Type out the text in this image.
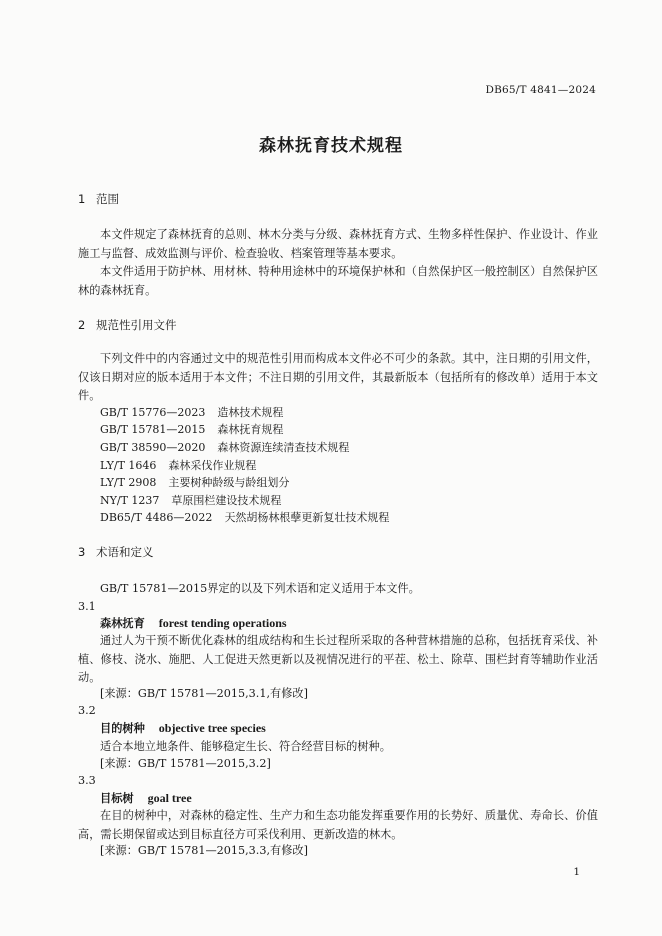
DB65/T 4841—2024
森林抚育技术规程
1 范围
本文件规定了森林抚育的总则、林木分类与分级、森林抚育方式、生物多样性保护、作业设计、作业施工与监督、成效监测与评价、检查验收、档案管理等基本要求。
本文件适用于防护林、用材林、特种用途林中的环境保护林和（自然保护区一般控制区）自然保护区林的森林抚育。
2 规范性引用文件
下列文件中的内容通过文中的规范性引用而构成本文件必不可少的条款。其中，注日期的引用文件，仅该日期对应的版本适用于本文件；不注日期的引用文件，其最新版本（包括所有的修改单）适用于本文件。
GB/T 15776—2023 造林技术规程
GB/T 15781—2015 森林抚育规程
GB/T 38590—2020 森林资源连续清查技术规程
LY/T 1646 森林采伐作业规程
LY/T 2908 主要树种龄级与龄组划分
NY/T 1237 草原围栏建设技术规程
DB65/T 4486—2022 天然胡杨林根孽更新复壮技术规程
3 术语和定义
GB/T 15781—2015界定的以及下列术语和定义适用于本文件。
3.1
森林抚育 forest tending operations
通过人为干预不断优化森林的组成结构和生长过程所采取的各种营林措施的总称，包括抚育采伐、补植、修枝、浇水、施肥、人工促进天然更新以及视情况进行的平茬、松土、除草、围栏封育等辅助作业活动。
[来源：GB/T 15781—2015,3.1,有修改]
3.2
目的树种 objective tree species
适合本地立地条件、能够稳定生长、符合经营目标的树种。
[来源：GB/T 15781—2015,3.2]
3.3
目标树 goal tree
在目的树种中，对森林的稳定性、生产力和生态功能发挥重要作用的长势好、质量优、寿命长、价值高，需长期保留或达到目标直径方可采伐利用、更新改造的林木。
[来源：GB/T 15781—2015,3.3,有修改]
1
